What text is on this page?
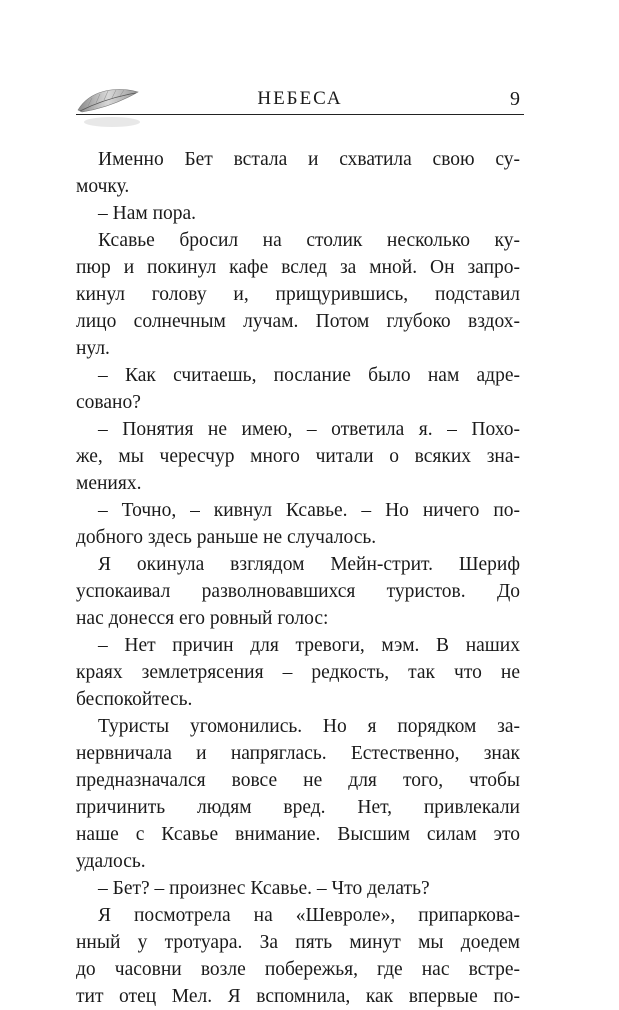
НЕБЕСА	9
Именно Бет встала и схватила свою су-
мочку.
– Нам пора.
Ксавье бросил на столик несколько ку-
пюр и покинул кафе вслед за мной. Он запро-
кинул голову и, прищурившись, подставил
лицо солнечным лучам. Потом глубоко вздох-
нул.
– Как считаешь, послание было нам адре-
совано?
– Понятия не имею, – ответила я. – Похо-
же, мы чересчур много читали о всяких зна-
мениях.
– Точно, – кивнул Ксавье. – Но ничего по-
добного здесь раньше не случалось.
Я окинула взглядом Мейн-стрит. Шериф
успокаивал разволновавшихся туристов. До
нас донесся его ровный голос:
– Нет причин для тревоги, мэм. В наших
краях землетрясения – редкость, так что не
беспокойтесь.
Туристы угомонились. Но я порядком за-
нервничала и напряглась. Естественно, знак
предназначался вовсе не для того, чтобы
причинить людям вред. Нет, привлекали
наше с Ксавье внимание. Высшим силам это
удалось.
– Бет? – произнес Ксавье. – Что делать?
Я посмотрела на «Шевроле», припаркова-
нный у тротуара. За пять минут мы доедем
до часовни возле побережья, где нас встре-
тит отец Мел. Я вспомнила, как впервые по-
